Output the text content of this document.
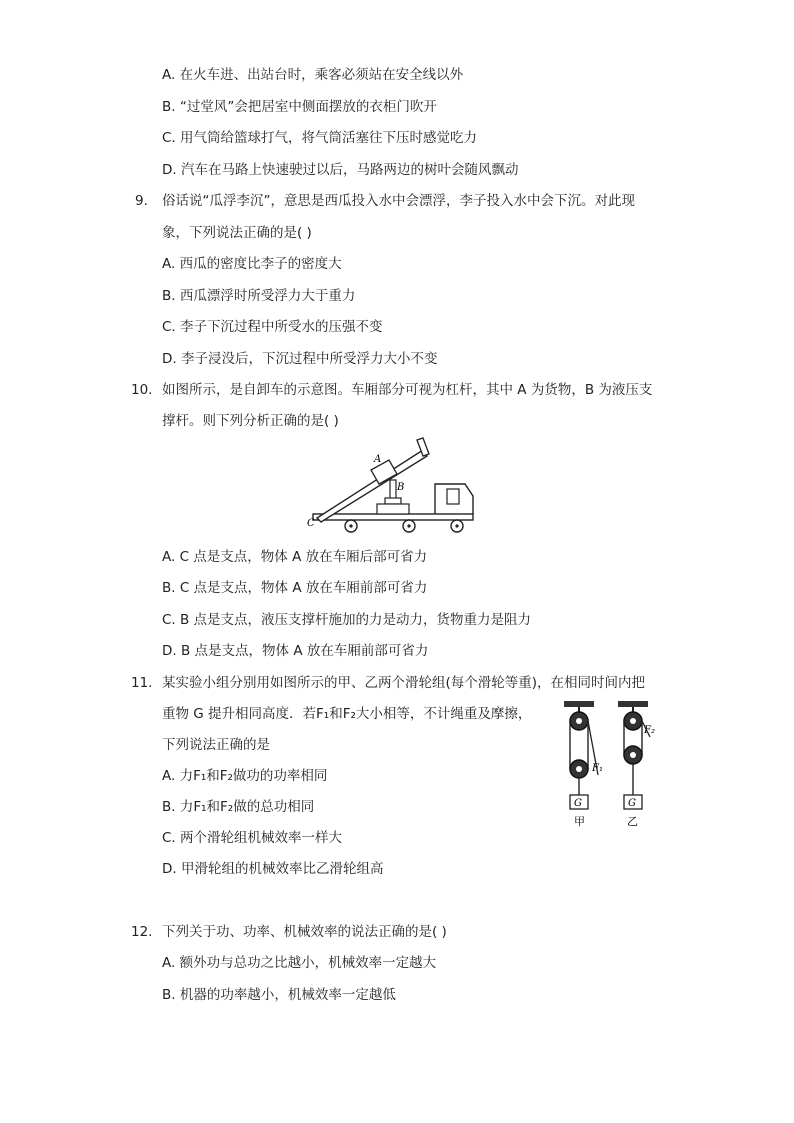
A. 在火车进、出站台时，乘客必须站在安全线以外
B. “过堂风”会把居室中侧面摆放的衣柜门吹开
C. 用气筒给篮球打气，将气筒活塞往下压时感觉吃力
D. 汽车在马路上快速驶过以后，马路两边的树叶会随风飘动
9. 俗话说“瓜浮李沉”，意思是西瓜投入水中会漂浮，李子投入水中会下沉。对此现
象，下列说法正确的是( )
A. 西瓜的密度比李子的密度大
B. 西瓜漂浮时所受浮力大于重力
C. 李子下沉过程中所受水的压强不变
D. 李子浸没后，下沉过程中所受浮力大小不变
10. 如图所示，是自卸车的示意图。车厢部分可视为杠杆，其中 A 为货物，B 为液压支
撑杆。则下列分析正确的是( )
A
B
C
A. C 点是支点，物体 A 放在车厢后部可省力
B. C 点是支点，物体 A 放在车厢前部可省力
C. B 点是支点，液压支撑杆施加的力是动力，货物重力是阻力
D. B 点是支点，物体 A 放在车厢前部可省力
11. 某实验小组分别用如图所示的甲、乙两个滑轮组(每个滑轮等重)，在相同时间内把
重物 G 提升相同高度．若F₁和F₂大小相等，不计绳重及摩擦，
下列说法正确的是
G
F₁
甲
G
F₂
乙
A. 力F₁和F₂做功的功率相同
B. 力F₁和F₂做的总功相同
C. 两个滑轮组机械效率一样大
D. 甲滑轮组的机械效率比乙滑轮组高
12. 下列关于功、功率、机械效率的说法正确的是( )
A. 额外功与总功之比越小，机械效率一定越大
B. 机器的功率越小，机械效率一定越低
